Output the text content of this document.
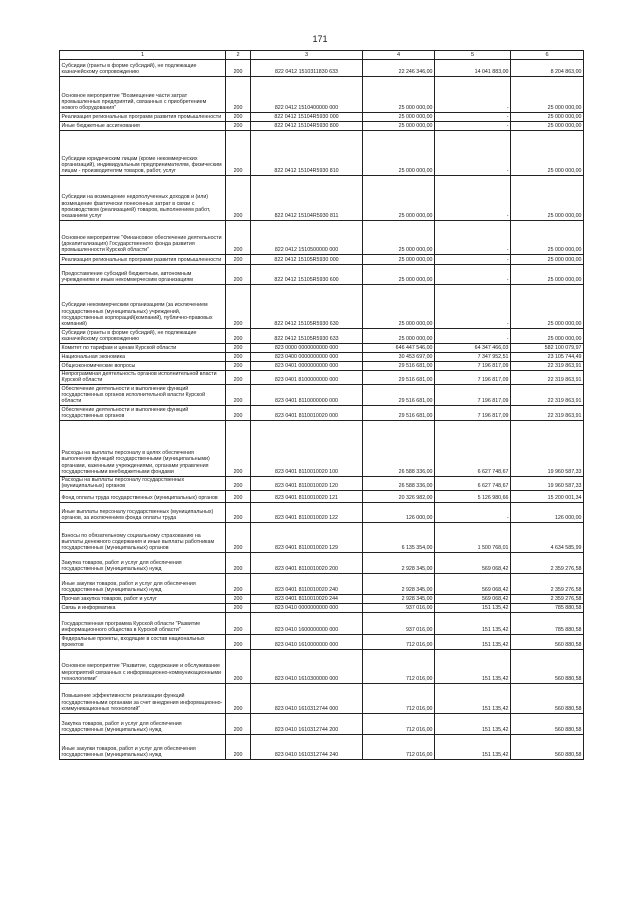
171
1	2	3	4	5	6
Субсидии (гранты в форме субсидий), не подлежащие казначейскому сопровождению	200	822 0412 1510311830 633	22 246 346,00	14 041 883,00	8 204 863,00
Основное мероприятие "Возмещение части затрат промышленных предприятий, связанных с приобретением нового оборудования"	200	822 0412 1510400000 000	25 000 000,00	-	25 000 000,00
Реализация региональных программ развития промышленности	200	822 0412 15104R5930 000	25 000 000,00	-	25 000 000,00
Иные бюджетные ассигнования	200	822 0412 15104R5930 800	25 000 000,00	-	25 000 000,00
Субсидии юридическим лицам (кроме некоммерческих организаций), индивидуальным предпринимателям, физическим лицам - производителям товаров, работ, услуг	200	822 0412 15104R5930 810	25 000 000,00	-	25 000 000,00
Субсидии на возмещение недополученных доходов и (или) возмещение фактически понесенных затрат в связи с производством (реализацией) товаров, выполнением работ, оказанием услуг	200	822 0412 15104R5930 811	25 000 000,00	-	25 000 000,00
Основное мероприятие "Финансовое обеспечение деятельности (докапитализация) Государственного фонда развития промышленности Курской области"	200	822 0412 1510500000 000	25 000 000,00	-	25 000 000,00
Реализация региональных программ развития промышленности	200	822 0412 15105R5930 000	25 000 000,00	-	25 000 000,00
Предоставление субсидий бюджетным, автономным учреждениям и иным некоммерческим организациям	200	822 0412 15105R5930 600	25 000 000,00	-	25 000 000,00
Субсидии некоммерческим организациям (за исключением государственных (муниципальных) учреждений, государственных корпораций(компаний), публично-правовых компаний)	200	822 0412 15105R5930 630	25 000 000,00	-	25 000 000,00
Субсидии (гранты в форме субсидий), не подлежащие казначейскому сопровождению	200	822 0412 15105R5930 633	25 000 000,00	-	25 000 000,00
Комитет по тарифам и ценам Курской области	200	823 0000 0000000000 000	646 447 546,00	64 347 466,03	582 100 079,97
Национальная экономика	200	823 0400 0000000000 000	30 453 697,00	7 347 952,51	23 105 744,49
Общеэкономические вопросы	200	823 0401 0000000000 000	29 516 681,00	7 196 817,09	22 319 863,91
Непрограммная деятельность органов исполнительной власти Курской области	200	823 0401 8100000000 000	29 516 681,00	7 196 817,09	22 319 863,91
Обеспечение деятельности и выполнение функций государственных органов исполнительной власти Курской области	200	823 0401 8110000000 000	29 516 681,00	7 196 817,09	22 319 863,91
Обеспечение деятельности и выполнение функций государственных органов	200	823 0401 8110010020 000	29 516 681,00	7 196 817,09	22 319 863,91
Расходы на выплаты персоналу в целях обеспечения выполнения функций государственными (муниципальными) органами, казенными учреждениями, органами управления государственными внебюджетными фондами	200	823 0401 8110010020 100	26 588 336,00	6 627 748,67	19 960 587,33
Расходы на выплаты персоналу государственных (муниципальных) органов	200	823 0401 8110010020 120	26 588 336,00	6 627 748,67	19 960 587,33
Фонд оплаты труда государственных (муниципальных) органов	200	823 0401 8110010020 121	20 326 982,00	5 126 980,66	15 200 001,34
Иные выплаты персоналу государственных (муниципальных) органов, за исключением фонда оплаты труда	200	823 0401 8110010020 122	126 000,00	-	126 000,00
Взносы по обязательному социальному страхованию на выплаты денежного содержания и иные выплаты работникам государственных (муниципальных) органов	200	823 0401 8110010020 129	6 135 354,00	1 500 768,01	4 634 585,99
Закупка товаров, работ и услуг для обеспечения государственных (муниципальных) нужд	200	823 0401 8110010020 200	2 928 345,00	569 068,42	2 359 276,58
Иные закупки товаров, работ и услуг для обеспечения государственных (муниципальных) нужд	200	823 0401 8110010020 240	2 928 345,00	569 068,42	2 359 276,58
Прочая закупка товаров, работ и услуг	200	823 0401 8110010020 244	2 928 345,00	569 068,42	2 359 276,58
Связь и информатика	200	823 0410 0000000000 000	937 016,00	151 135,42	785 880,58
Государственная программа Курской области "Развитие информационного общества в Курской области"	200	823 0410 1600000000 000	937 016,00	151 135,42	785 880,58
Федеральные проекты, входящие в состав национальных проектов	200	823 0410 1610000000 000	712 016,00	151 135,42	560 880,58
Основное мероприятие "Развитие, содержание и обслуживание мероприятий связанных с информационно-коммуникационными технологиями"	200	823 0410 1610300000 000	712 016,00	151 135,42	560 880,58
Повышение эффективности реализации функций государственными органами за счет внедрения информационно-коммуникационных технологий"	200	823 0410 1610312744 000	712 016,00	151 135,42	560 880,58
Закупка товаров, работ и услуг для обеспечения государственных (муниципальных) нужд	200	823 0410 1610312744 200	712 016,00	151 135,42	560 880,58
Иные закупки товаров, работ и услуг для обеспечения государственных (муниципальных) нужд	200	823 0410 1610312744 240	712 016,00	151 135,42	560 880,58
